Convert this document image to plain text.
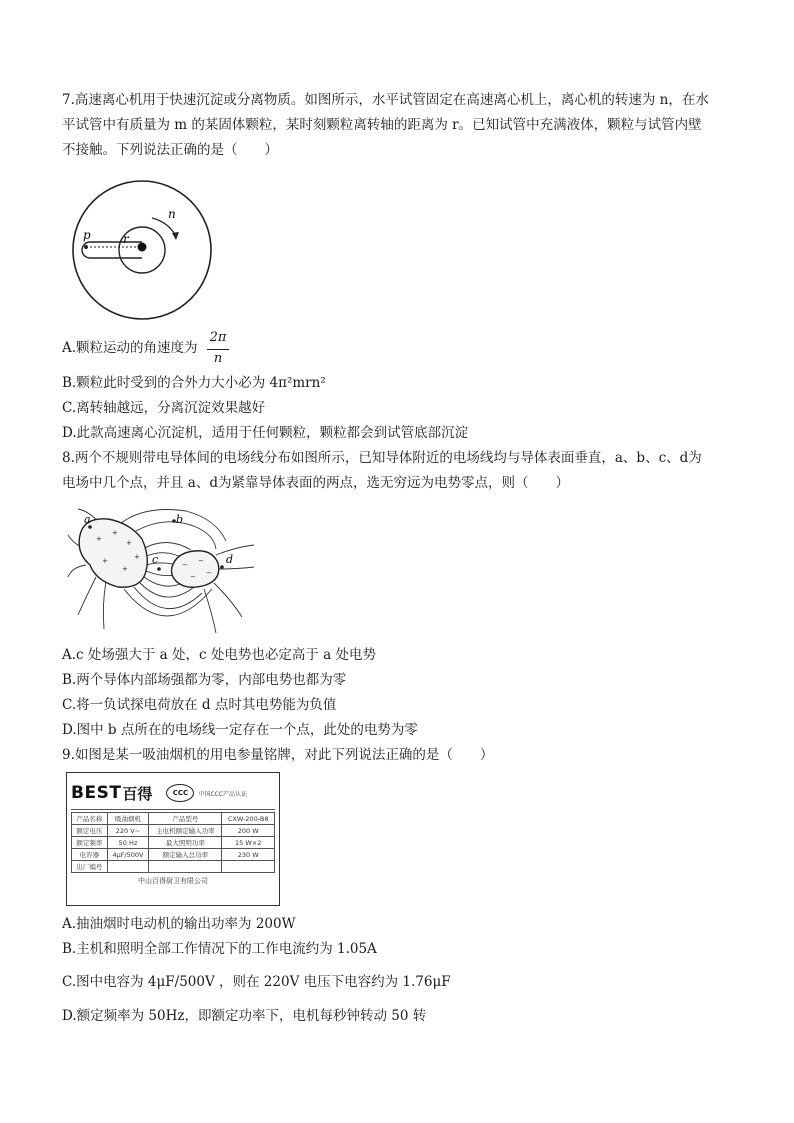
7.高速离心机用于快速沉淀或分离物质。如图所示，水平试管固定在高速离心机上，离心机的转速为 n，在水
平试管中有质量为 m 的某固体颗粒，某时刻颗粒离转轴的距离为 r。已知试管中充满液体，颗粒与试管内壁
不接触。下列说法正确的是（　　）
p	r
n
A.颗粒运动的角速度为
2π
n
B.颗粒此时受到的合外力大小必为 4π²mrn²
C.离转轴越远，分离沉淀效果越好
D.此款高速离心沉淀机，适用于任何颗粒，颗粒都会到试管底部沉淀
8.两个不规则带电导体间的电场线分布如图所示，已知导体附近的电场线均与导体表面垂直，a、b、c、d为
电场中几个点，并且 a、d为紧靠导体表面的两点，选无穷远为电势零点，则（　　）
+
+
+
+
+
+
− −
− −
a	b
c	d
A.c 处场强大于 a 处，c 处电势也必定高于 a 处电势
B.两个导体内部场强都为零，内部电势也都为零
C.将一负试探电荷放在 d 点时其电势能为负值
D.图中 b 点所在的电场线一定存在一个点，此处的电势为零
9.如图是某一吸油烟机的用电参量铭牌，对此下列说法正确的是（　　）
BEST 百得	CCC	中国CCC产品认证
产品名称	吸油烟机	产品型号	CXW-200-B8
额定电压	220 V~	主电机额定输入功率	200 W
额定频率	50 Hz	最大照明功率	15 W×2
电容器	4μF/500V	额定输入总功率	230 W
出厂编号			
中山百得厨卫有限公司
A.抽油烟时电动机的输出功率为 200W
B.主机和照明全部工作情况下的工作电流约为 1.05A
C.图中电容为 4μF/500V ，则在 220V 电压下电容约为 1.76μF
D.额定频率为 50Hz，即额定功率下，电机每秒钟转动 50 转
